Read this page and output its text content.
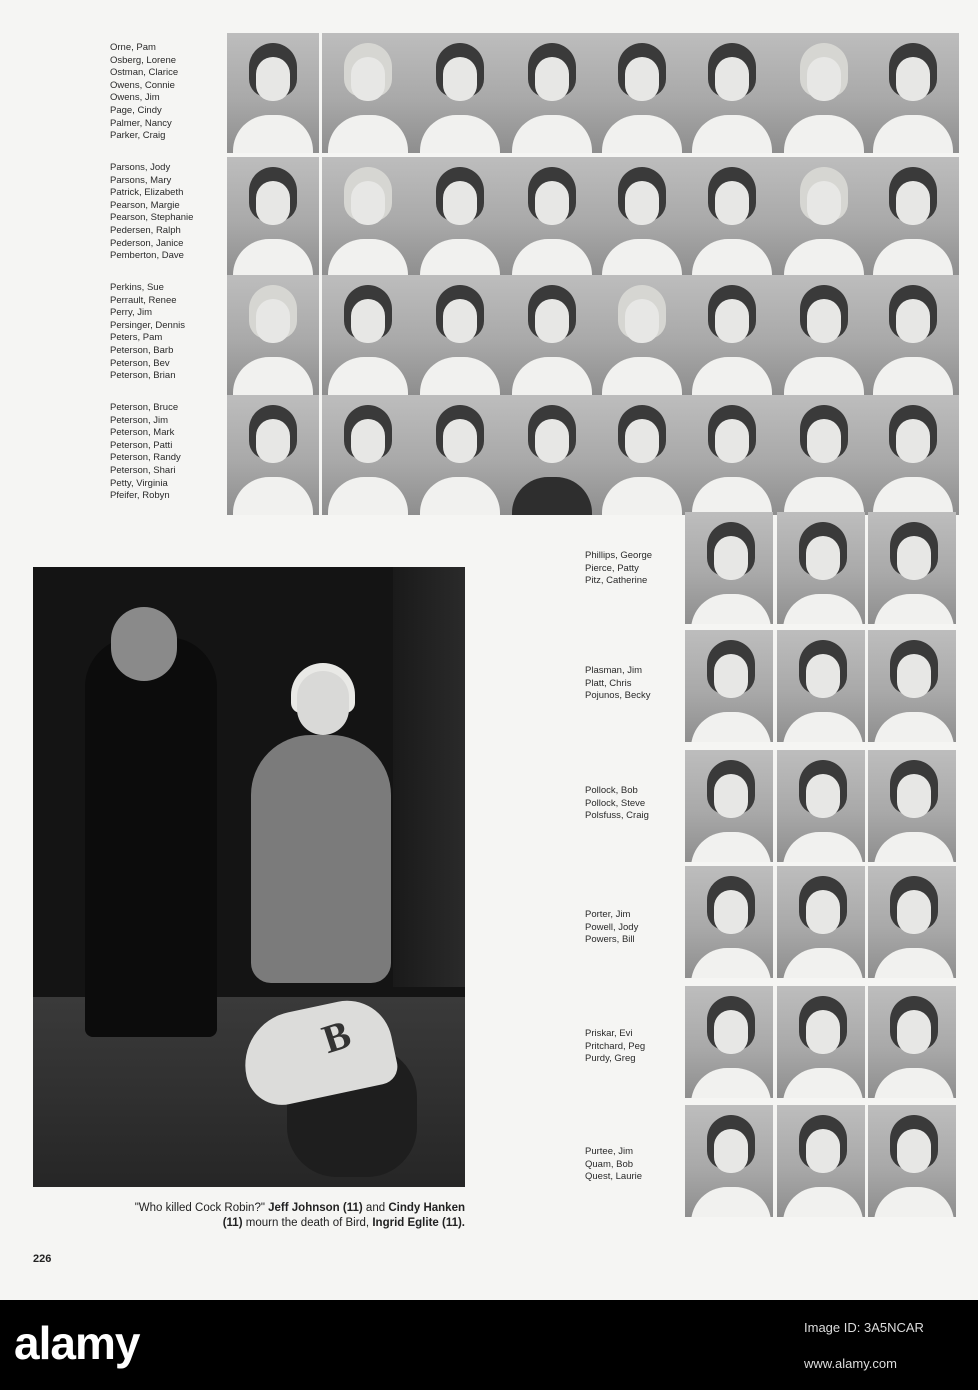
Orne, Pam
Osberg, Lorene
Ostman, Clarice
Owens, Connie
Owens, Jim
Page, Cindy
Palmer, Nancy
Parker, Craig
Parsons, Jody
Parsons, Mary
Patrick, Elizabeth
Pearson, Margie
Pearson, Stephanie
Pedersen, Ralph
Pederson, Janice
Pemberton, Dave
Perkins, Sue
Perrault, Renee
Perry, Jim
Persinger, Dennis
Peters, Pam
Peterson, Barb
Peterson, Bev
Peterson, Brian
Peterson, Bruce
Peterson, Jim
Peterson, Mark
Peterson, Patti
Peterson, Randy
Peterson, Shari
Petty, Virginia
Pfeifer, Robyn
Phillips, George
Pierce, Patty
Pitz, Catherine
Plasman, Jim
Platt, Chris
Pojunos, Becky
Pollock, Bob
Pollock, Steve
Polsfuss, Craig
Porter, Jim
Powell, Jody
Powers, Bill
Priskar, Evi
Pritchard, Peg
Purdy, Greg
Purtee, Jim
Quam, Bob
Quest, Laurie
B
"Who killed Cock Robin?" Jeff Johnson (11) and Cindy Hanken
(11) mourn the death of Bird, Ingrid Eglite (11).
226
alamy	Image ID: 3A5NCAR
www.alamy.com
